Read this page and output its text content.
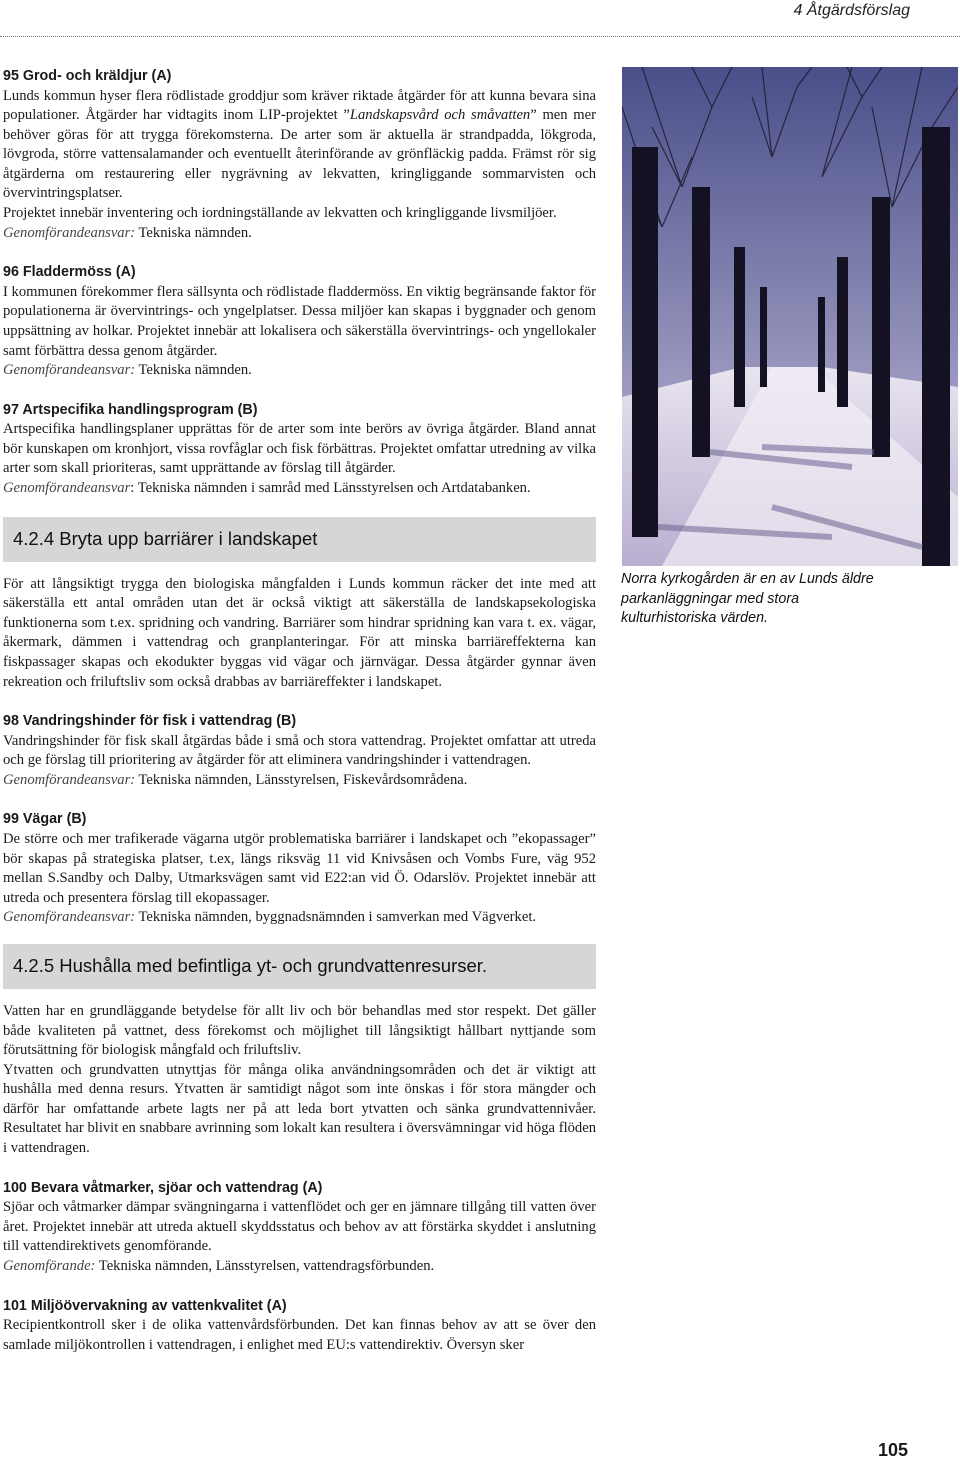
4 Åtgärdsförslag

95 Grod- och kräldjur (A)

Lunds kommun hyser flera rödlistade groddjur som kräver riktade åtgärder för att kunna bevara sina populationer. Åtgärder har vidtagits inom LIP-projektet ”Landskapsvård och småvatten” men mer behöver göras för att trygga förekomsterna. De arter som är aktuella är strandpadda, lökgroda, lövgroda, större vattensalamander och eventuellt återinförande av grönfläckig padda. Främst rör sig åtgärderna om restaurering eller nygrävning av lekvatten, kringliggande sommarvisten och övervintringsplatser.

Projektet innebär inventering och iordningställande av lekvatten och kringliggande livsmiljöer.

Genomförandeansvar: Tekniska nämnden.

96 Fladdermöss (A)

I kommunen förekommer flera sällsynta och rödlistade fladdermöss. En viktig begränsande faktor för populationerna är övervintrings- och yngelplatser. Dessa miljöer kan skapas i byggnader och genom uppsättning av holkar. Projektet innebär att lokalisera och säkerställa övervintrings- och yngellokaler samt förbättra dessa genom åtgärder.

Genomförandeansvar: Tekniska nämnden.

97 Artspecifika handlingsprogram (B)

Artspecifika handlingsplaner upprättas för de arter som inte berörs av övriga åtgärder. Bland annat bör kunskapen om kronhjort, vissa rovfåglar och fisk förbättras. Projektet omfattar utredning av vilka arter som skall prioriteras, samt upprättande av förslag till åtgärder.

Genomförandeansvar: Tekniska nämnden i samråd med Länsstyrelsen och Artdatabanken.

4.2.4 Bryta upp barriärer i landskapet

För att långsiktigt trygga den biologiska mångfalden i Lunds kommun räcker det inte med att säkerställa ett antal områden utan det är också viktigt att säkerställa de landskapsekologiska funktionerna som t.ex. spridning och vandring. Barriärer som hindrar spridning kan vara t. ex. vägar, åkermark, dämmen i vattendrag och granplanteringar. För att minska barriäreffekterna kan fiskpassager skapas och ekodukter byggas vid vägar och järnvägar. Dessa åtgärder gynnar även rekreation och friluftsliv som också drabbas av barriäreffekter i landskapet.

98 Vandringshinder för fisk i vattendrag (B)

Vandringshinder för fisk skall åtgärdas både i små och stora vattendrag. Projektet omfattar att utreda och ge förslag till prioritering av åtgärder för att eliminera vandringshinder i vattendragen.

Genomförandeansvar: Tekniska nämnden, Länsstyrelsen, Fiskevårdsområdena.

99 Vägar (B)

De större och mer trafikerade vägarna utgör problematiska barriärer i landskapet och ”ekopassager” bör skapas på strategiska platser, t.ex, längs riksväg 11 vid Knivsåsen och Vombs Fure, väg 952 mellan S.Sandby och Dalby, Utmarksvägen samt vid E22:an vid Ö. Odarslöv. Projektet innebär att utreda och presentera förslag till ekopassager.

Genomförandeansvar: Tekniska nämnden, byggnadsnämnden i samverkan med Vägverket.

4.2.5 Hushålla med befintliga yt- och grundvattenresurser.

Vatten har en grundläggande betydelse för allt liv och bör behandlas med stor respekt. Det gäller både kvaliteten på vattnet, dess förekomst och möjlighet till långsiktigt hållbart nyttjande som förutsättning för biologisk mångfald och friluftsliv.

Ytvatten och grundvatten utnyttjas för många olika användningsområden och det är viktigt att hushålla med denna resurs. Ytvatten är samtidigt något som inte önskas i för stora mängder och därför har omfattande arbete lagts ner på att leda bort ytvatten och sänka grundvattennivåer. Resultatet har blivit en snabbare avrinning som lokalt kan resultera i översvämningar vid höga flöden i vattendragen.

100 Bevara våtmarker, sjöar och vattendrag (A)

Sjöar och våtmarker dämpar svängningarna i vattenflödet och ger en jämnare tillgång till vatten över året. Projektet innebär att utreda aktuell skyddsstatus och behov av att förstärka skyddet i anslutning till vattendirektivets genomförande.

Genomförande: Tekniska nämnden, Länsstyrelsen, vattendragsförbunden.

101 Miljöövervakning av vattenkvalitet (A)

Recipientkontroll sker i de olika vattenvårdsförbunden. Det kan finnas behov av att se över den samlade miljökontrollen i vattendragen, i enlighet med EU:s vattendirektiv. Översyn sker

Norra kyrkogården är en av Lunds äldre parkanläggningar med stora kulturhistoriska värden.
105
